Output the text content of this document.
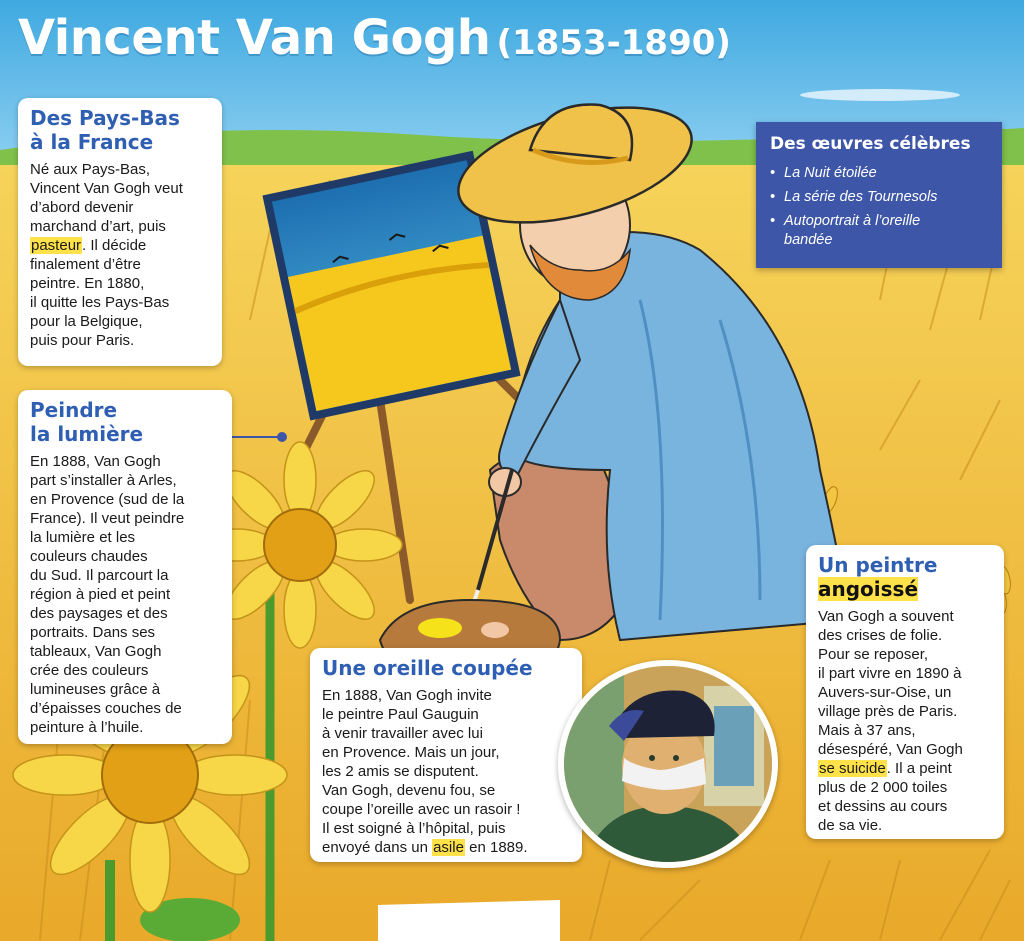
Vincent Van Gogh (1853-1890)
Des œuvres célèbres
• La Nuit étoilée
• La série des Tournesols
• Autoportrait à l’oreille
bandée
Des Pays-Bas
à la France

Né aux Pays-Bas,
Vincent Van Gogh veut
d’abord devenir
marchand d’art, puis
pasteur. Il décide
finalement d’être
peintre. En 1880,
il quitte les Pays-Bas
pour la Belgique,
puis pour Paris.

Peindre
la lumière

En 1888, Van Gogh
part s’installer à Arles,
en Provence (sud de la
France). Il veut peindre
la lumière et les
couleurs chaudes
du Sud. Il parcourt la
région à pied et peint
des paysages et des
portraits. Dans ses
tableaux, Van Gogh
crée des couleurs
lumineuses grâce à
d’épaisses couches de
peinture à l’huile.

Une oreille coupée

En 1888, Van Gogh invite
le peintre Paul Gauguin
à venir travailler avec lui
en Provence. Mais un jour,
les 2 amis se disputent.
Van Gogh, devenu fou, se
coupe l’oreille avec un rasoir !
Il est soigné à l’hôpital, puis
envoyé dans un asile en 1889.

Un peintre
angoissé

Van Gogh a souvent
des crises de folie.
Pour se reposer,
il part vivre en 1890 à
Auvers-sur-Oise, un
village près de Paris.
Mais à 37 ans,
désespéré, Van Gogh
se suicide. Il a peint
plus de 2 000 toiles
et dessins au cours
de sa vie.
